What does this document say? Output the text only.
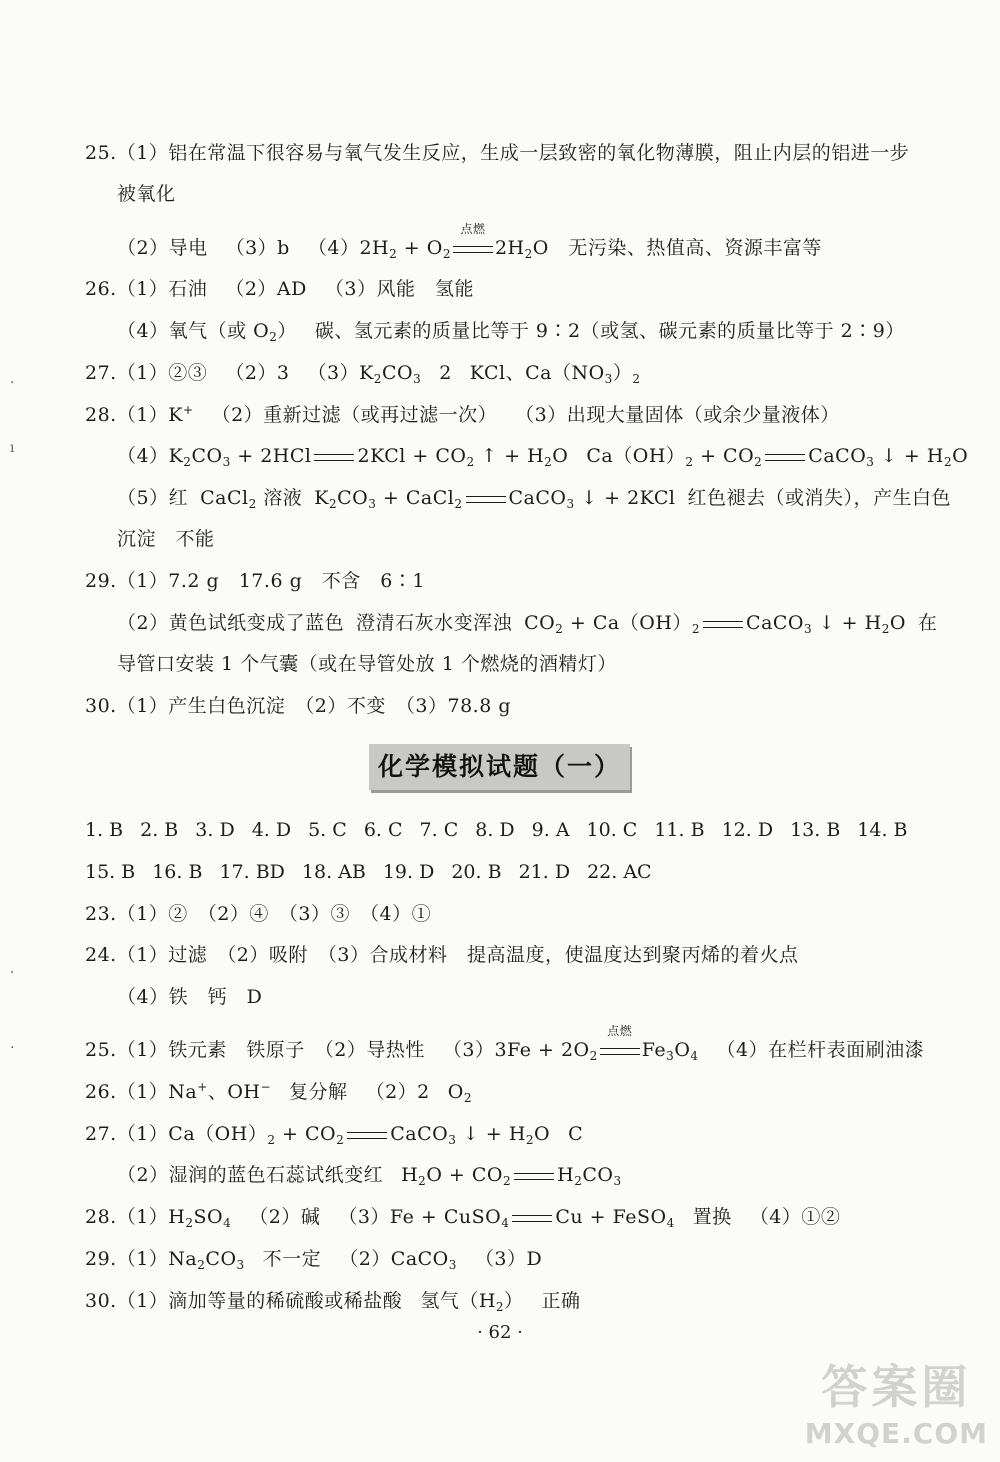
25.（1）铝在常温下很容易与氧气发生反应，生成一层致密的氧化物薄膜，阻止内层的铝进一步
被氧化
（2）导电 （3）b $(4)2H_2 + O_2$
点燃
$2H_2O$　 无污染、热值高、资源丰富等
26.（1）石油 （2）AD （3）风能　氢能
（4）氧气（或 $O_2$） 碳、氢元素的质量比等于 9∶2（或氢、碳元素的质量比等于 2∶9）
27.（1）②③ （2）3 $(3)K_2CO_3$ 2 KCl、$Ca(NO_3)_2$
28.（1）K+ （2）重新过滤（或再过滤一次） （3）出现大量固体（或余少量液体）
$(4)K_2CO_3 + 2HCl$ $2KCl + CO_2$ ↑ + $H_2O$ $Ca(OH)_2 + CO_2$ CaCO$_3$ ↓ + $H_2O$
（5）红 CaCl$_2$ 溶液 $K_2CO_3$ + CaCl$_2$ CaCO$_3$ ↓ + 2KCl 红色褪去（或消失），产生白色
沉淀　不能
29.（1）7.2 g　17.6 g　不含　6∶1
（2）黄色试纸变成了蓝色 澄清石灰水变浑浊 $CO_2 + Ca(OH)_2$ CaCO$_3$ ↓ + $H_2O$ 在
导管口安装 1 个气囊（或在导管处放 1 个燃烧的酒精灯）
30.（1）产生白色沉淀　（2）不变　（3）78.8 g
化学模拟试题（一）
1. B 2. B 3. D 4. D 5. C 6. C 7. C 8. D 9. A 10. C 11. B 12. D 13. B 14. B
15. B 16. B 17. BD 18. AB 19. D 20. B 21. D 22. AC
23.（1）②　（2）④　（3）③　（4）①
24.（1）过滤　（2）吸附　（3）合成材料　提高温度，使温度达到聚丙烯的着火点
（4）铁　钙　D
25.（1）铁元素　铁原子　（2）导热性 $(3)3Fe + 2O_2$
点燃
$Fe_3O_4$ （4）在栏杆表面刷油漆
26.（1）Na+、OH− 复分解 （2）2 $O_2$
$27.(1)Ca(OH)_2 + CO_2$ CaCO$_3$ ↓ + $H_2O$ C
（2）湿润的蓝色石蕊试纸变红 $H_2O + CO_2$ $H_2CO_3$
$28.(1)H_2SO_4$ （2）碱 （3）Fe + CuSO$_4$ Cu + FeSO$_4$ 置换 （4）①②
$29.(1)Na_2CO_3$ 不一定 （2）CaCO$_3$ （3）D
30.（1）滴加等量的稀硫酸或稀盐酸 氢气$(H_2)$ 正确
· 62 ·
·
ı
·
·
答案圈
MXQE.COM
